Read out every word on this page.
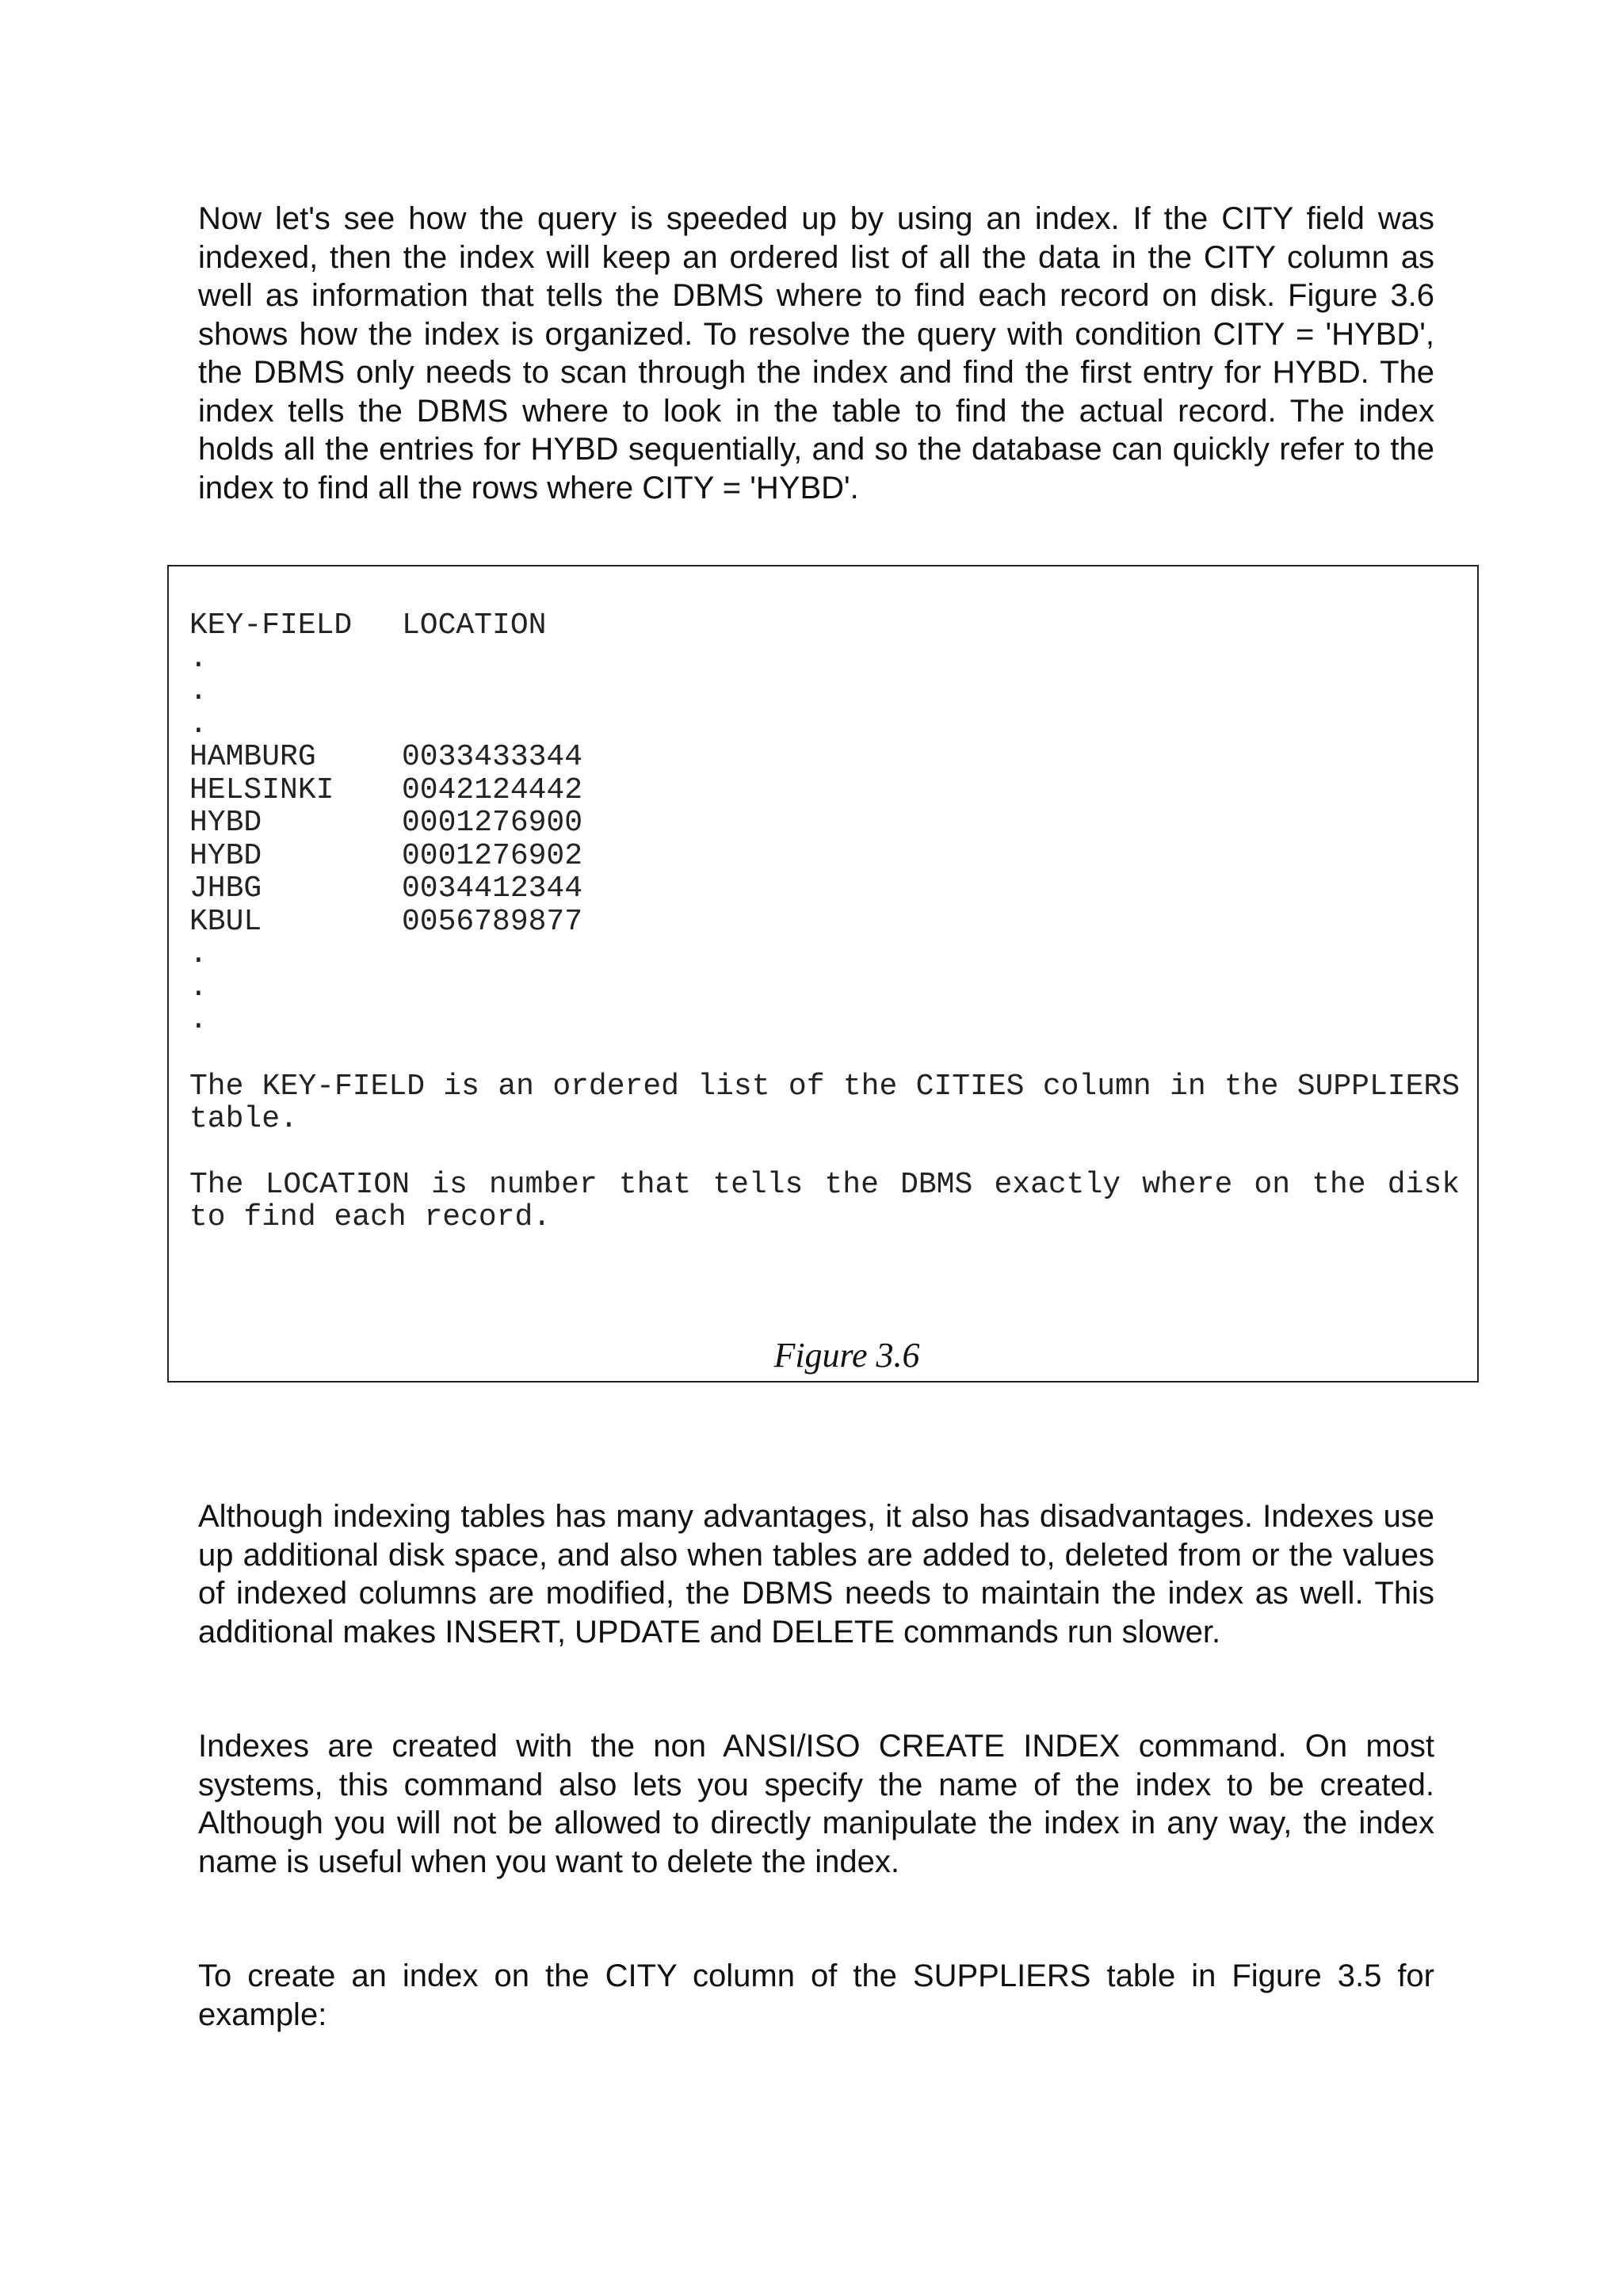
Now let's see how the query is speeded up by using an index. If the CITY field was indexed, then the index will keep an ordered list of all the data in the CITY column as well as information that tells the DBMS where to find each record on disk. Figure 3.6 shows how the index is organized. To resolve the query with condition CITY = 'HYBD', the DBMS only needs to scan through the index and find the first entry for HYBD. The index tells the DBMS where to look in the table to find the actual record. The index holds all the entries for HYBD sequentially, and so the database can quickly refer to the index to find all the rows where CITY = 'HYBD'.

KEY-FIELD	LOCATION
.
.
.
HAMBURG	0033433344
HELSINKI	0042124442
HYBD	0001276900
HYBD	0001276902
JHBG	0034412344
KBUL	0056789877
.
.
.

The KEY-FIELD is an ordered list of the CITIES column in the SUPPLIERS table.

The LOCATION is number that tells the DBMS exactly where on the disk to find each record.

Figure 3.6

Although indexing tables has many advantages, it also has disadvantages. Indexes use up additional disk space, and also when tables are added to, deleted from or the values of indexed columns are modified, the DBMS needs to maintain the index as well. This additional makes INSERT, UPDATE and DELETE commands run slower.

Indexes are created with the non ANSI/ISO CREATE INDEX command. On most systems, this command also lets you specify the name of the index to be created. Although you will not be allowed to directly manipulate the index in any way, the index name is useful when you want to delete the index.

To create an index on the CITY column of the SUPPLIERS table in Figure 3.5 for example:
